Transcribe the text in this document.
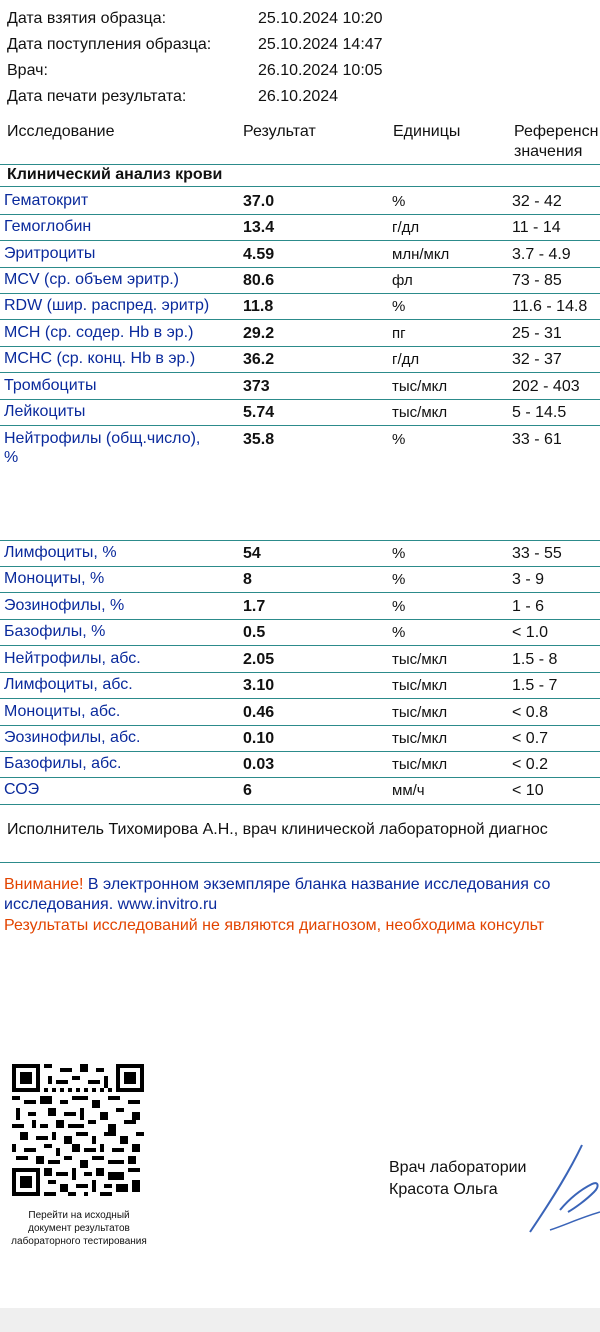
Дата взятия образца:	25.10.2024 10:20
Дата поступления образца:	25.10.2024 14:47
Врач:	26.10.2024 10:05
Дата печати результата:	26.10.2024
Исследование	Результат	Единицы	Референсн
значения
Клинический анализ крови
Гематокрит	37.0	%	32 - 42
Гемоглобин	13.4	г/дл	11 - 14
Эритроциты	4.59	млн/мкл	3.7 - 4.9
MCV (ср. объем эритр.)	80.6	фл	73 - 85
RDW (шир. распред. эритр) 11.8	%	11.6 - 14.8
MCH (ср. содер. Hb в эр.)	29.2	пг	25 - 31
MCHC (ср. конц. Hb в эр.)	36.2	г/дл	32 - 37
Тромбоциты	373	тыс/мкл	202 - 403
Лейкоциты	5.74	тыс/мкл	5 - 14.5
Нейтрофилы (общ.число),
%
35.8	%	33 - 61
Лимфоциты, %	54	%	33 - 55
Моноциты, %	8	%	3 - 9
Эозинофилы, %	1.7	%	1 - 6
Базофилы, %	0.5	%	< 1.0
Нейтрофилы, абс.	2.05	тыс/мкл	1.5 - 8
Лимфоциты, абс.	3.10	тыс/мкл	1.5 - 7
Моноциты, абс.	0.46	тыс/мкл	< 0.8
Эозинофилы, абс.	0.10	тыс/мкл	< 0.7
Базофилы, абс.	0.03	тыс/мкл	< 0.2
СОЭ	6	мм/ч	< 10
Исполнитель Тихомирова А.Н., врач клинической лабораторной диагнос
Внимание! В электронном экземпляре бланка название исследования со
исследования. www.invitro.ru
Результаты исследований не являются диагнозом, необходима консульт
Перейти на исходный
документ результатов
лабораторного тестирования
Врач лаборатории
Красота Ольга
